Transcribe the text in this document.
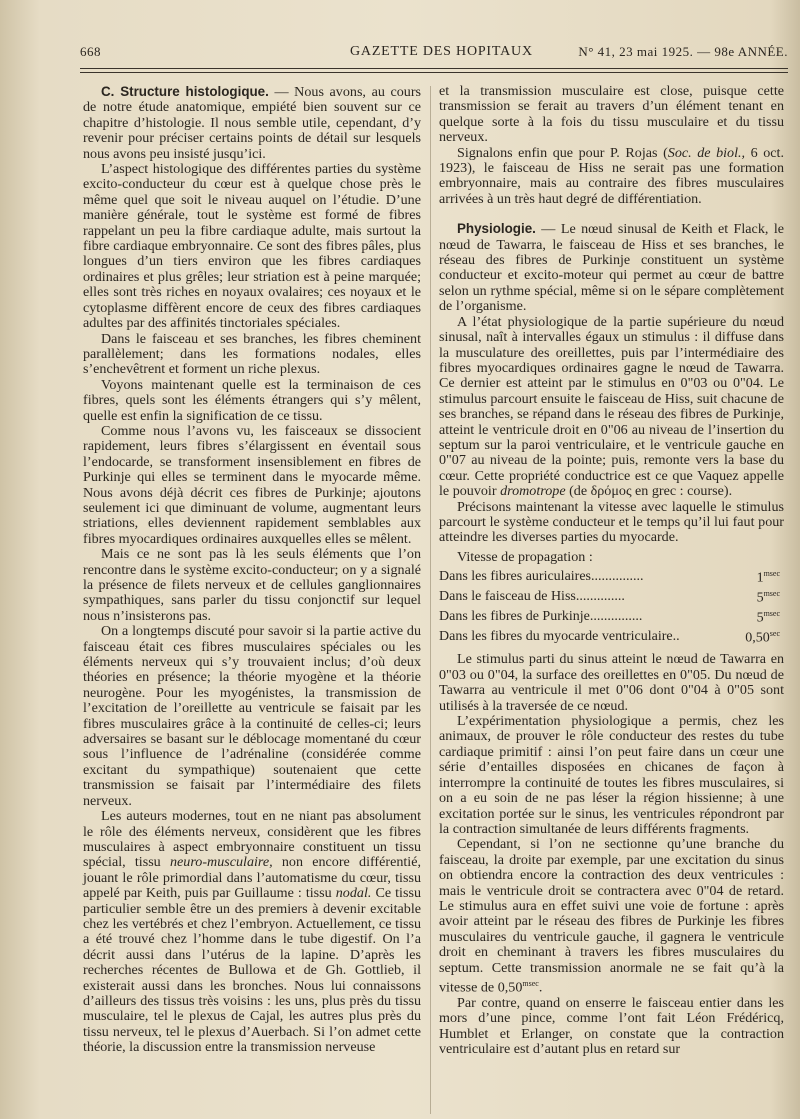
668	GAZETTE DES HOPITAUX	N° 41, 23 mai 1925. — 98e ANNÉE.

C. Structure histologique. — Nous avons, au cours de notre étude anatomique, empiété bien souvent sur ce chapitre d’histologie. Il nous semble utile, cependant, d’y revenir pour préciser certains points de détail sur lesquels nous avons peu insisté jusqu’ici.

L’aspect histologique des différentes parties du système excito-conducteur du cœur est à quelque chose près le même quel que soit le niveau auquel on l’étudie. D’une manière générale, tout le système est formé de fibres rappelant un peu la fibre cardiaque adulte, mais surtout la fibre cardiaque embryonnaire. Ce sont des fibres pâles, plus longues d’un tiers environ que les fibres cardiaques ordinaires et plus grêles; leur striation est à peine marquée; elles sont très riches en noyaux ovalaires; ces noyaux et le cytoplasme diffèrent encore de ceux des fibres cardiaques adultes par des affinités tinctoriales spéciales.

Dans le faisceau et ses branches, les fibres cheminent parallèlement; dans les formations nodales, elles s’enchevêtrent et forment un riche plexus.

Voyons maintenant quelle est la terminaison de ces fibres, quels sont les éléments étrangers qui s’y mêlent, quelle est enfin la signification de ce tissu.

Comme nous l’avons vu, les faisceaux se dissocient rapidement, leurs fibres s’élargissent en éventail sous l’endocarde, se transforment insensiblement en fibres de Purkinje qui elles se terminent dans le myocarde même. Nous avons déjà décrit ces fibres de Purkinje; ajoutons seulement ici que diminuant de volume, augmentant leurs striations, elles deviennent rapidement semblables aux fibres myocardiques ordinaires auxquelles elles se mêlent.

Mais ce ne sont pas là les seuls éléments que l’on rencontre dans le système excito-conducteur; on y a signalé la présence de filets nerveux et de cellules ganglionnaires sympathiques, sans parler du tissu conjonctif sur lequel nous n’insisterons pas.

On a longtemps discuté pour savoir si la partie active du faisceau était ces fibres musculaires spéciales ou les éléments nerveux qui s’y trouvaient inclus; d’où deux théories en présence; la théorie myogène et la théorie neurogène. Pour les myogénistes, la transmission de l’excitation de l’oreillette au ventricule se faisait par les fibres musculaires grâce à la continuité de celles-ci; leurs adversaires se basant sur le déblocage momentané du cœur sous l’influence de l’adrénaline (considérée comme excitant du sympathique) soutenaient que cette transmission se faisait par l’intermédiaire des filets nerveux.

Les auteurs modernes, tout en ne niant pas absolument le rôle des éléments nerveux, considèrent que les fibres musculaires à aspect embryonnaire constituent un tissu spécial, tissu neuro-musculaire, non encore différentié, jouant le rôle primordial dans l’automatisme du cœur, tissu appelé par Keith, puis par Guillaume : tissu nodal. Ce tissu particulier semble être un des premiers à devenir excitable chez les vertébrés et chez l’embryon. Actuellement, ce tissu a été trouvé chez l’homme dans le tube digestif. On l’a décrit aussi dans l’utérus de la lapine. D’après les recherches récentes de Bullowa et de Gh. Gottlieb, il existerait aussi dans les bronches. Nous lui connaissons d’ailleurs des tissus très voisins : les uns, plus près du tissu musculaire, tel le plexus de Cajal, les autres plus près du tissu nerveux, tel le plexus d’Auerbach. Si l’on admet cette théorie, la discussion entre la transmission nerveuse

et la transmission musculaire est close, puisque cette transmission se ferait au travers d’un élément tenant en quelque sorte à la fois du tissu musculaire et du tissu nerveux.

Signalons enfin que pour P. Rojas (Soc. de biol., 6 oct. 1923), le faisceau de Hiss ne serait pas une formation embryonnaire, mais au contraire des fibres musculaires arrivées à un très haut degré de différentiation.

Physiologie. — Le nœud sinusal de Keith et Flack, le nœud de Tawarra, le faisceau de Hiss et ses branches, le réseau des fibres de Purkinje constituent un système conducteur et excito-moteur qui permet au cœur de battre selon un rythme spécial, même si on le sépare complètement de l’organisme.

A l’état physiologique de la partie supérieure du nœud sinusal, naît à intervalles égaux un stimulus : il diffuse dans la musculature des oreillettes, puis par l’intermédiaire des fibres myocardiques ordinaires gagne le nœud de Tawarra. Ce dernier est atteint par le stimulus en 0"03 ou 0"04. Le stimulus parcourt ensuite le faisceau de Hiss, suit chacune de ses branches, se répand dans le réseau des fibres de Purkinje, atteint le ventricule droit en 0"06 au niveau de l’insertion du septum sur la paroi ventriculaire, et le ventricule gauche en 0"07 au niveau de la pointe; puis, remonte vers la base du cœur. Cette propriété conductrice est ce que Vaquez appelle le pouvoir dromotrope (de δρόμος en grec : course).

Précisons maintenant la vitesse avec laquelle le stimulus parcourt le système conducteur et le temps qu’il lui faut pour atteindre les diverses parties du myocarde.

Vitesse de propagation :
Dans les fibres auriculaires...............	$1^{msec}$
Dans le faisceau de Hiss..............	$5^{msec}$
Dans les fibres de Purkinje...............	$5^{msec}$
Dans les fibres du myocarde ventriculaire..	$0,50^{sec}$

Le stimulus parti du sinus atteint le nœud de Tawarra en 0"03 ou 0"04, la surface des oreillettes en 0"05. Du nœud de Tawarra au ventricule il met 0"06 dont 0"04 à 0"05 sont utilisés à la traversée de ce nœud.

L’expérimentation physiologique a permis, chez les animaux, de prouver le rôle conducteur des restes du tube cardiaque primitif : ainsi l’on peut faire dans un cœur une série d’entailles disposées en chicanes de façon à interrompre la continuité de toutes les fibres musculaires, si on a eu soin de ne pas léser la région hissienne; à une excitation portée sur le sinus, les ventricules répondront par la contraction simultanée de leurs différents fragments.

Cependant, si l’on ne sectionne qu’une branche du faisceau, la droite par exemple, par une excitation du sinus on obtiendra encore la contraction des deux ventricules : mais le ventricule droit se contractera avec 0"04 de retard. Le stimulus aura en effet suivi une voie de fortune : après avoir atteint par le réseau des fibres de Purkinje les fibres musculaires du ventricule gauche, il gagnera le ventricule droit en cheminant à travers les fibres musculaires du septum. Cette transmission anormale ne se fait qu’à la vitesse de $0,50^{msec}$.

Par contre, quand on enserre le faisceau entier dans les mors d’une pince, comme l’ont fait Léon Frédéricq, Humblet et Erlanger, on constate que la contraction ventriculaire est d’autant plus en retard sur
